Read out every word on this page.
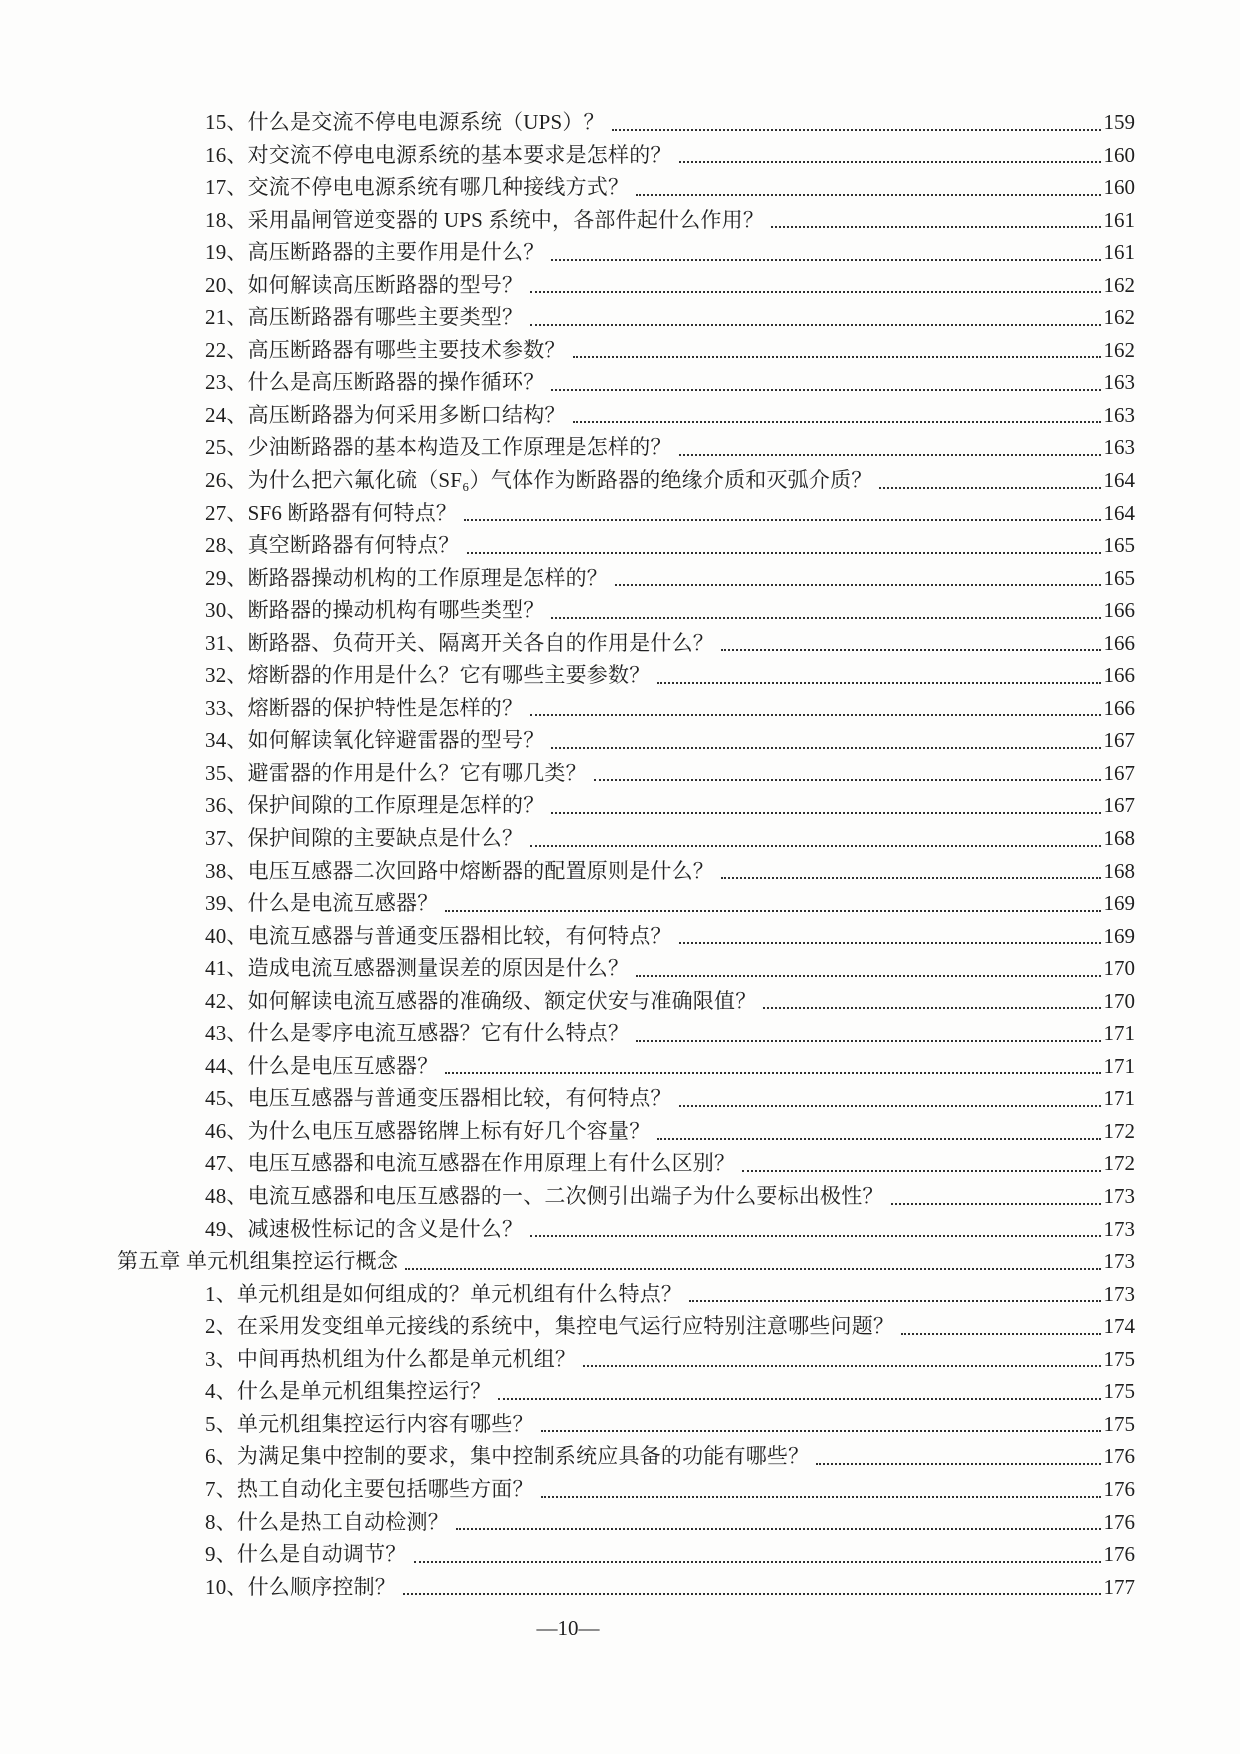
15、什么是交流不停电电源系统（UPS）？	159
16、对交流不停电电源系统的基本要求是怎样的？	160
17、交流不停电电源系统有哪几种接线方式？	160
18、采用晶闸管逆变器的 UPS 系统中，各部件起什么作用？	161
19、高压断路器的主要作用是什么？	161
20、如何解读高压断路器的型号？	162
21、高压断路器有哪些主要类型？	162
22、高压断路器有哪些主要技术参数？	162
23、什么是高压断路器的操作循环？	163
24、高压断路器为何采用多断口结构？	163
25、少油断路器的基本构造及工作原理是怎样的？	163
26、为什么把六氟化硫（SF₆）气体作为断路器的绝缘介质和灭弧介质？	164
27、SF6 断路器有何特点？	164
28、真空断路器有何特点？	165
29、断路器操动机构的工作原理是怎样的？	165
30、断路器的操动机构有哪些类型？	166
31、断路器、负荷开关、隔离开关各自的作用是什么？	166
32、熔断器的作用是什么？它有哪些主要参数？	166
33、熔断器的保护特性是怎样的？	166
34、如何解读氧化锌避雷器的型号？	167
35、避雷器的作用是什么？它有哪几类？	167
36、保护间隙的工作原理是怎样的？	167
37、保护间隙的主要缺点是什么？	168
38、电压互感器二次回路中熔断器的配置原则是什么？	168
39、什么是电流互感器？	169
40、电流互感器与普通变压器相比较，有何特点？	169
41、造成电流互感器测量误差的原因是什么？	170
42、如何解读电流互感器的准确级、额定伏安与准确限值？	170
43、什么是零序电流互感器？它有什么特点？	171
44、什么是电压互感器？	171
45、电压互感器与普通变压器相比较，有何特点？	171
46、为什么电压互感器铭牌上标有好几个容量？	172
47、电压互感器和电流互感器在作用原理上有什么区别？	172
48、电流互感器和电压互感器的一、二次侧引出端子为什么要标出极性？	173
49、减速极性标记的含义是什么？	173
第五章 单元机组集控运行概念	173
1、单元机组是如何组成的？单元机组有什么特点？	173
2、在采用发变组单元接线的系统中，集控电气运行应特别注意哪些问题？	174
3、中间再热机组为什么都是单元机组？	175
4、什么是单元机组集控运行？	175
5、单元机组集控运行内容有哪些？	175
6、为满足集中控制的要求，集中控制系统应具备的功能有哪些？	176
7、热工自动化主要包括哪些方面？	176
8、什么是热工自动检测？	176
9、什么是自动调节？	176
10、什么顺序控制？	177
—10—
